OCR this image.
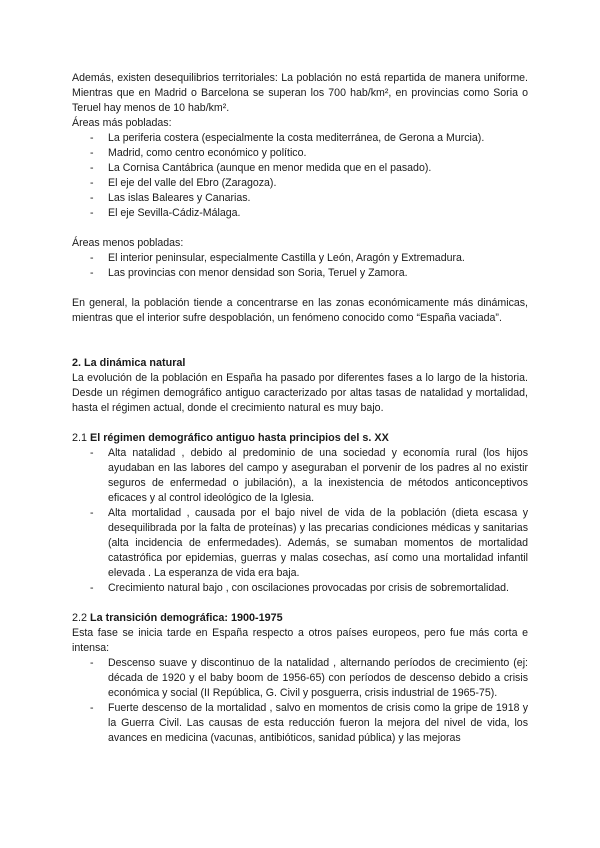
Además, existen desequilibrios territoriales: La población no está repartida de manera uniforme. Mientras que en Madrid o Barcelona se superan los 700 hab/km², en provincias como Soria o Teruel hay menos de 10 hab/km².

Áreas más pobladas:

- La periferia costera (especialmente la costa mediterránea, de Gerona a Murcia).
- Madrid, como centro económico y político.
- La Cornisa Cantábrica (aunque en menor medida que en el pasado).
- El eje del valle del Ebro (Zaragoza).
- Las islas Baleares y Canarias.
- El eje Sevilla-Cádiz-Málaga.

Áreas menos pobladas:

- El interior peninsular, especialmente Castilla y León, Aragón y Extremadura.
- Las provincias con menor densidad son Soria, Teruel y Zamora.

En general, la población tiende a concentrarse en las zonas económicamente más dinámicas, mientras que el interior sufre despoblación, un fenómeno conocido como “España vaciada”.

2. La dinámica natural

La evolución de la población en España ha pasado por diferentes fases a lo largo de la historia. Desde un régimen demográfico antiguo caracterizado por altas tasas de natalidad y mortalidad, hasta el régimen actual, donde el crecimiento natural es muy bajo.

2.1 El régimen demográfico antiguo hasta principios del s. XX
- Alta natalidad , debido al predominio de una sociedad y economía rural (los hijos ayudaban en las labores del campo y aseguraban el porvenir de los padres al no existir seguros de enfermedad o jubilación), a la inexistencia de métodos anticonceptivos eficaces y al control ideológico de la Iglesia.
- Alta mortalidad , causada por el bajo nivel de vida de la población (dieta escasa y desequilibrada por la falta de proteínas) y las precarias condiciones médicas y sanitarias (alta incidencia de enfermedades). Además, se sumaban momentos de mortalidad catastrófica por epidemias, guerras y malas cosechas, así como una mortalidad infantil elevada . La esperanza de vida era baja.
- Crecimiento natural bajo , con oscilaciones provocadas por crisis de sobremortalidad.
2.2 La transición demográfica: 1900-1975

Esta fase se inicia tarde en España respecto a otros países europeos, pero fue más corta e intensa:

- Descenso suave y discontinuo de la natalidad , alternando períodos de crecimiento (ej: década de 1920 y el baby boom de 1956-65) con períodos de descenso debido a crisis económica y social (II República, G. Civil y posguerra, crisis industrial de 1965-75).
- Fuerte descenso de la mortalidad , salvo en momentos de crisis como la gripe de 1918 y la Guerra Civil. Las causas de esta reducción fueron la mejora del nivel de vida, los avances en medicina (vacunas, antibióticos, sanidad pública) y las mejoras
